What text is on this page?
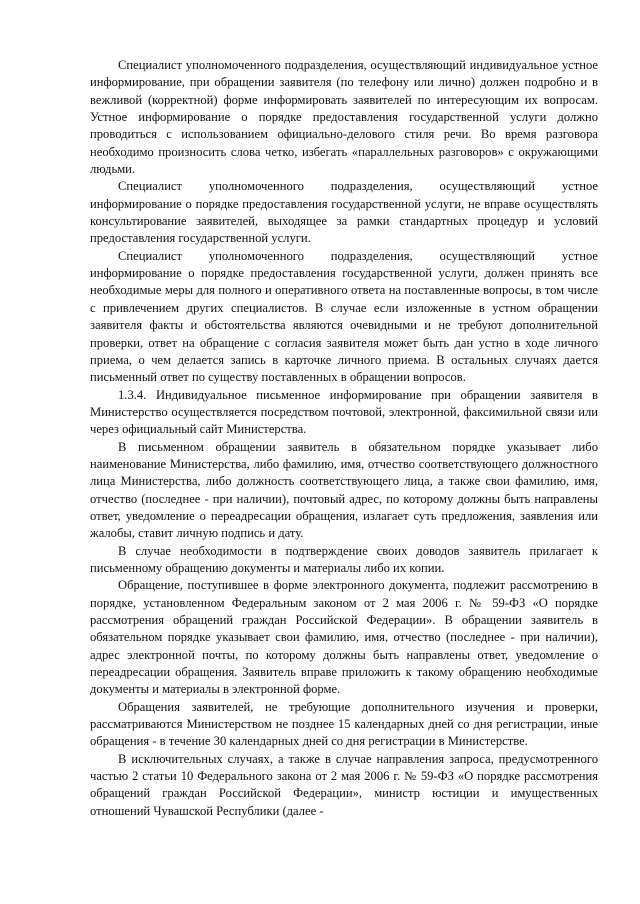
Специалист уполномоченного подразделения, осуществляющий индивидуальное устное информирование, при обращении заявителя (по телефону или лично) должен подробно и в вежливой (корректной) форме информировать заявителей по интересующим их вопросам. Устное информирование о порядке предоставления государственной услуги должно проводиться с использованием официально-делового стиля речи. Во время разговора необходимо произносить слова четко, избегать «параллельных разговоров» с окружающими людьми.

Специалист уполномоченного подразделения, осуществляющий устное информирование о порядке предоставления государственной услуги, не вправе осуществлять консультирование заявителей, выходящее за рамки стандартных процедур и условий предоставления государственной услуги.

Специалист уполномоченного подразделения, осуществляющий устное информирование о порядке предоставления государственной услуги, должен принять все необходимые меры для полного и оперативного ответа на поставленные вопросы, в том числе с привлечением других специалистов. В случае если изложенные в устном обращении заявителя факты и обстоятельства являются очевидными и не требуют дополнительной проверки, ответ на обращение с согласия заявителя может быть дан устно в ходе личного приема, о чем делается запись в карточке личного приема. В остальных случаях дается письменный ответ по существу поставленных в обращении вопросов.

1.3.4. Индивидуальное письменное информирование при обращении заявителя в Министерство осуществляется посредством почтовой, электронной, факсимильной связи или через официальный сайт Министерства.

В письменном обращении заявитель в обязательном порядке указывает либо наименование Министерства, либо фамилию, имя, отчество соответствующего должностного лица Министерства, либо должность соответствующего лица, а также свои фамилию, имя, отчество (последнее - при наличии), почтовый адрес, по которому должны быть направлены ответ, уведомление о переадресации обращения, излагает суть предложения, заявления или жалобы, ставит личную подпись и дату.

В случае необходимости в подтверждение своих доводов заявитель прилагает к письменному обращению документы и материалы либо их копии.

Обращение, поступившее в форме электронного документа, подлежит рассмотрению в порядке, установленном Федеральным законом от 2 мая 2006 г. № 59-ФЗ «О порядке рассмотрения обращений граждан Российской Федерации». В обращении заявитель в обязательном порядке указывает свои фамилию, имя, отчество (последнее - при наличии), адрес электронной почты, по которому должны быть направлены ответ, уведомление о переадресации обращения. Заявитель вправе приложить к такому обращению необходимые документы и материалы в электронной форме.

Обращения заявителей, не требующие дополнительного изучения и проверки, рассматриваются Министерством не позднее 15 календарных дней со дня регистрации, иные обращения - в течение 30 календарных дней со дня регистрации в Министерстве.

В исключительных случаях, а также в случае направления запроса, предусмотренного частью 2 статьи 10 Федерального закона от 2 мая 2006 г. № 59-ФЗ «О порядке рассмотрения обращений граждан Российской Федерации», министр юстиции и имущественных отношений Чувашской Республики (далее -
